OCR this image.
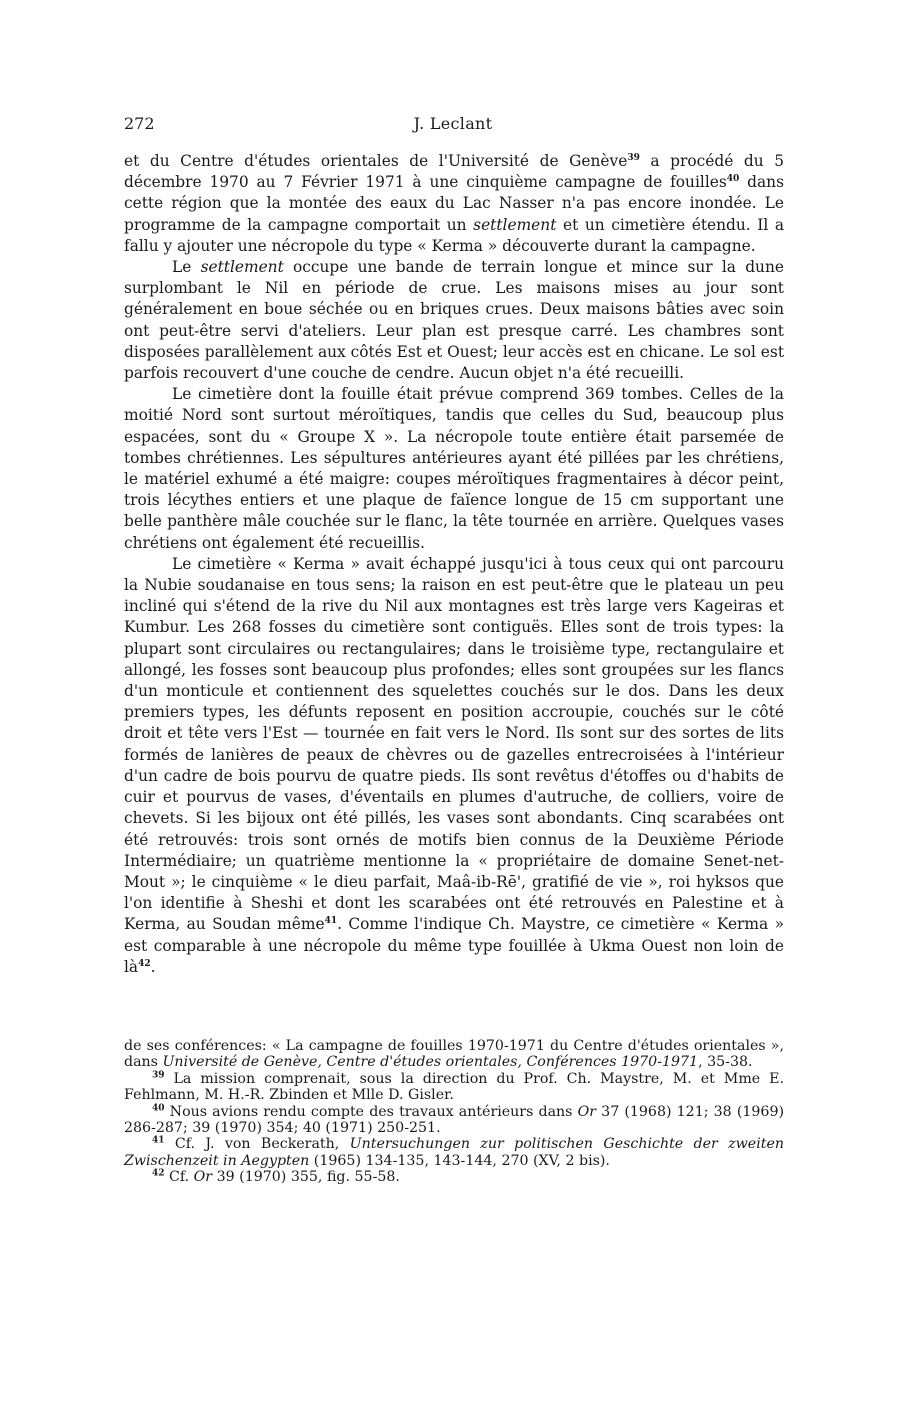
272	J. Leclant

et du Centre d'études orientales de l'Université de Genève$^{39}$ a procédé du 5 décembre 1970 au 7 Février 1971 à une cinquième campagne de fouilles$^{40}$ dans cette région que la montée des eaux du Lac Nasser n'a pas encore inondée. Le programme de la campagne comportait un settlement et un cimetière étendu. Il a fallu y ajouter une nécropole du type « Kerma » découverte durant la campagne.

Le settlement occupe une bande de terrain longue et mince sur la dune surplombant le Nil en période de crue. Les maisons mises au jour sont généralement en boue séchée ou en briques crues. Deux maisons bâties avec soin ont peut-être servi d'ateliers. Leur plan est presque carré. Les chambres sont disposées parallèlement aux côtés Est et Ouest; leur accès est en chicane. Le sol est parfois recouvert d'une couche de cendre. Aucun objet n'a été recueilli.

Le cimetière dont la fouille était prévue comprend 369 tombes. Celles de la moitié Nord sont surtout méroïtiques, tandis que celles du Sud, beaucoup plus espacées, sont du « Groupe X ». La nécropole toute entière était parsemée de tombes chrétiennes. Les sépultures antérieures ayant été pillées par les chrétiens, le matériel exhumé a été maigre: coupes méroïtiques fragmentaires à décor peint, trois lécythes entiers et une plaque de faïence longue de 15 cm supportant une belle panthère mâle couchée sur le flanc, la tête tournée en arrière. Quelques vases chrétiens ont également été recueillis.

Le cimetière « Kerma » avait échappé jusqu'ici à tous ceux qui ont parcouru la Nubie soudanaise en tous sens; la raison en est peut-être que le plateau un peu incliné qui s'étend de la rive du Nil aux montagnes est très large vers Kageiras et Kumbur. Les 268 fosses du cimetière sont contiguës. Elles sont de trois types: la plupart sont circulaires ou rectangulaires; dans le troisième type, rectangulaire et allongé, les fosses sont beaucoup plus profondes; elles sont groupées sur les flancs d'un monticule et contiennent des squelettes couchés sur le dos. Dans les deux premiers types, les défunts reposent en position accroupie, couchés sur le côté droit et tête vers l'Est — tournée en fait vers le Nord. Ils sont sur des sortes de lits formés de lanières de peaux de chèvres ou de gazelles entrecroisées à l'intérieur d'un cadre de bois pourvu de quatre pieds. Ils sont revêtus d'étoffes ou d'habits de cuir et pourvus de vases, d'éventails en plumes d'autruche, de colliers, voire de chevets. Si les bijoux ont été pillés, les vases sont abondants. Cinq scarabées ont été retrouvés: trois sont ornés de motifs bien connus de la Deuxième Période Intermédiaire; un quatrième mentionne la « propriétaire de domaine Senet-net-Mout »; le cinquième « le dieu parfait, Maâ-ib-Rē', gratifié de vie », roi hyksos que l'on identifie à Sheshi et dont les scarabées ont été retrouvés en Palestine et à Kerma, au Soudan même$^{41}$. Comme l'indique Ch. Maystre, ce cimetière « Kerma » est comparable à une nécropole du même type fouillée à Ukma Ouest non loin de $là^{42}$.

de ses conférences: « La campagne de fouilles 1970-1971 du Centre d'études orientales », dans Université de Genève, Centre d'études orientales, Conférences 1970-1971, 35-38.

$^{39}$ La mission comprenait, sous la direction du Prof. Ch. Maystre, M. et Mme E. Fehlmann, M. H.-R. Zbinden et Mlle D. Gisler.

$^{40}$ Nous avions rendu compte des travaux antérieurs dans Or 37 (1968) 121; 38 (1969) 286-287; 39 (1970) 354; 40 (1971) 250-251.

$^{41}$ Cf. J. von Beckerath, Untersuchungen zur politischen Geschichte der zweiten Zwischenzeit in Aegypten (1965) 134-135, 143-144, 270 (XV, 2 bis).

$^{42}$ Cf. Or 39 (1970) 355, fig. 55-58.
